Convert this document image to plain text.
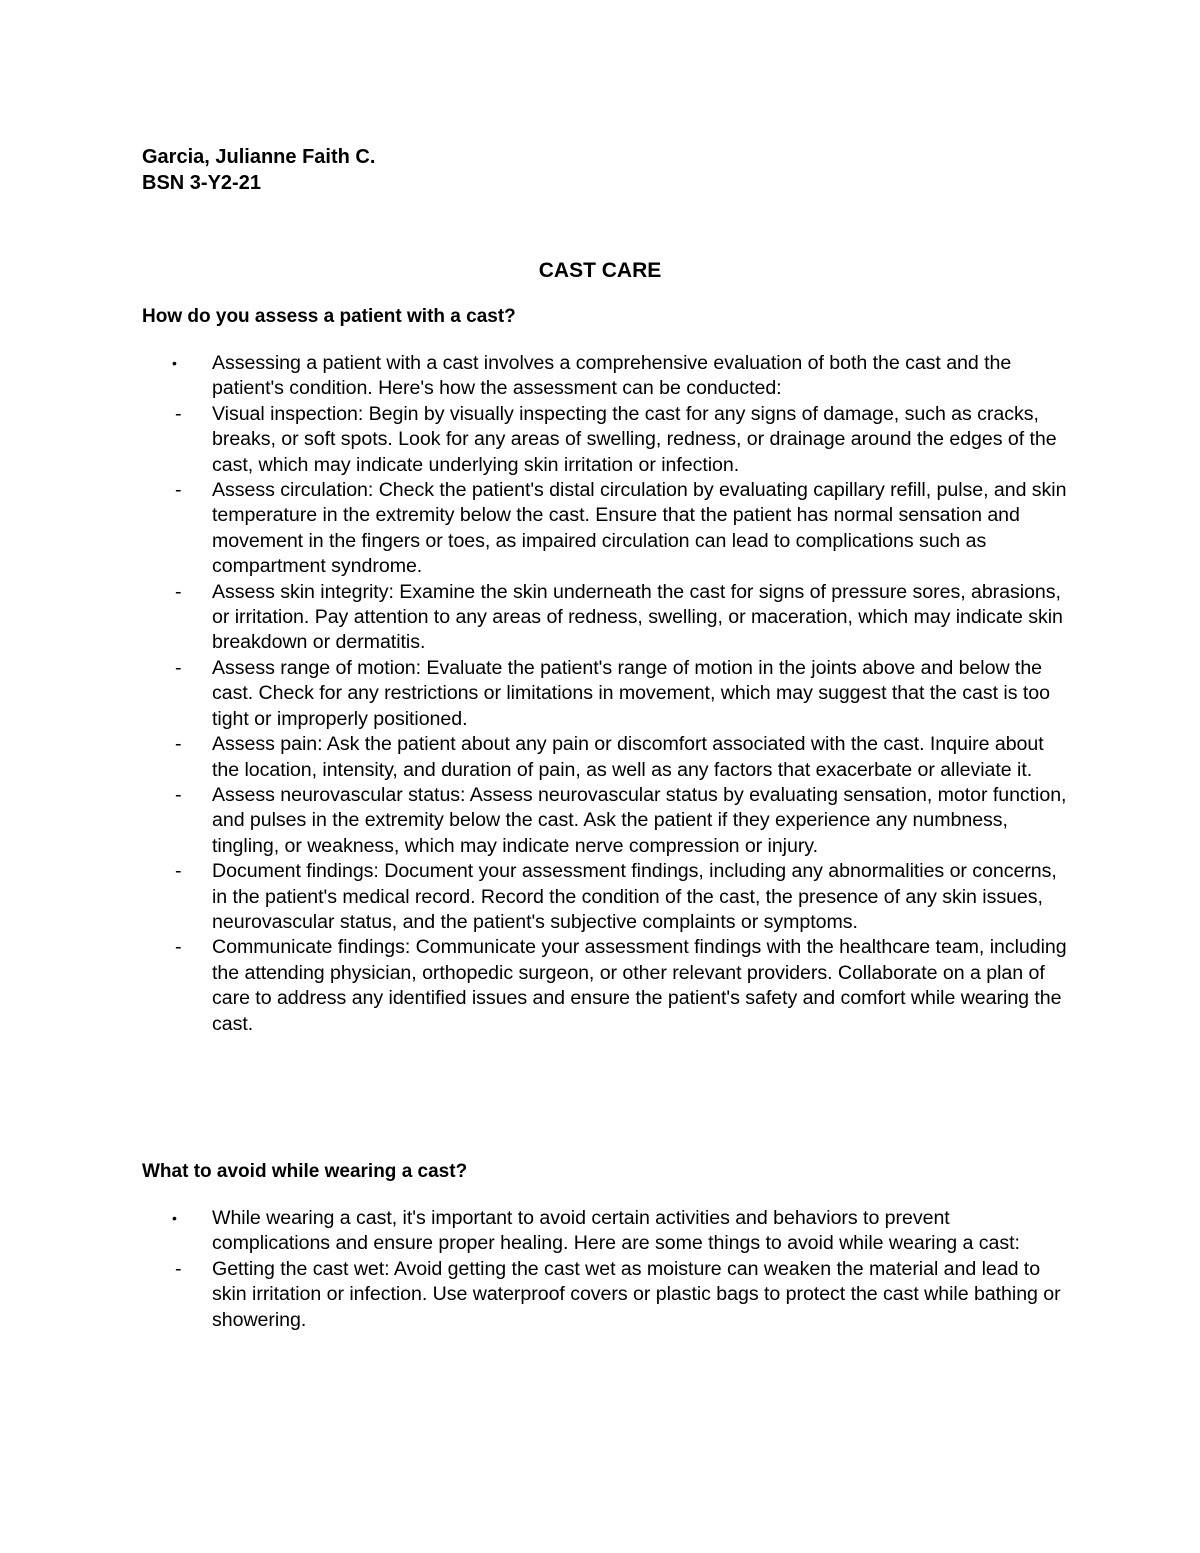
Garcia, Julianne Faith C.
BSN 3-Y2-21
CAST CARE
How do you assess a patient with a cast?
•	Assessing a patient with a cast involves a comprehensive evaluation of both the cast and the patient's condition. Here's how the assessment can be conducted:
-	Visual inspection: Begin by visually inspecting the cast for any signs of damage, such as cracks, breaks, or soft spots. Look for any areas of swelling, redness, or drainage around the edges of the cast, which may indicate underlying skin irritation or infection.
-	Assess circulation: Check the patient's distal circulation by evaluating capillary refill, pulse, and skin temperature in the extremity below the cast. Ensure that the patient has normal sensation and movement in the fingers or toes, as impaired circulation can lead to complications such as compartment syndrome.
-	Assess skin integrity: Examine the skin underneath the cast for signs of pressure sores, abrasions, or irritation. Pay attention to any areas of redness, swelling, or maceration, which may indicate skin breakdown or dermatitis.
-	Assess range of motion: Evaluate the patient's range of motion in the joints above and below the cast. Check for any restrictions or limitations in movement, which may suggest that the cast is too tight or improperly positioned.
-	Assess pain: Ask the patient about any pain or discomfort associated with the cast. Inquire about the location, intensity, and duration of pain, as well as any factors that exacerbate or alleviate it.
-	Assess neurovascular status: Assess neurovascular status by evaluating sensation, motor function, and pulses in the extremity below the cast. Ask the patient if they experience any numbness, tingling, or weakness, which may indicate nerve compression or injury.
-	Document findings: Document your assessment findings, including any abnormalities or concerns, in the patient's medical record. Record the condition of the cast, the presence of any skin issues, neurovascular status, and the patient's subjective complaints or symptoms.
-	Communicate findings: Communicate your assessment findings with the healthcare team, including the attending physician, orthopedic surgeon, or other relevant providers. Collaborate on a plan of care to address any identified issues and ensure the patient's safety and comfort while wearing the cast.
What to avoid while wearing a cast?
•	While wearing a cast, it's important to avoid certain activities and behaviors to prevent complications and ensure proper healing. Here are some things to avoid while wearing a cast:
-	Getting the cast wet: Avoid getting the cast wet as moisture can weaken the material and lead to skin irritation or infection. Use waterproof covers or plastic bags to protect the cast while bathing or showering.
